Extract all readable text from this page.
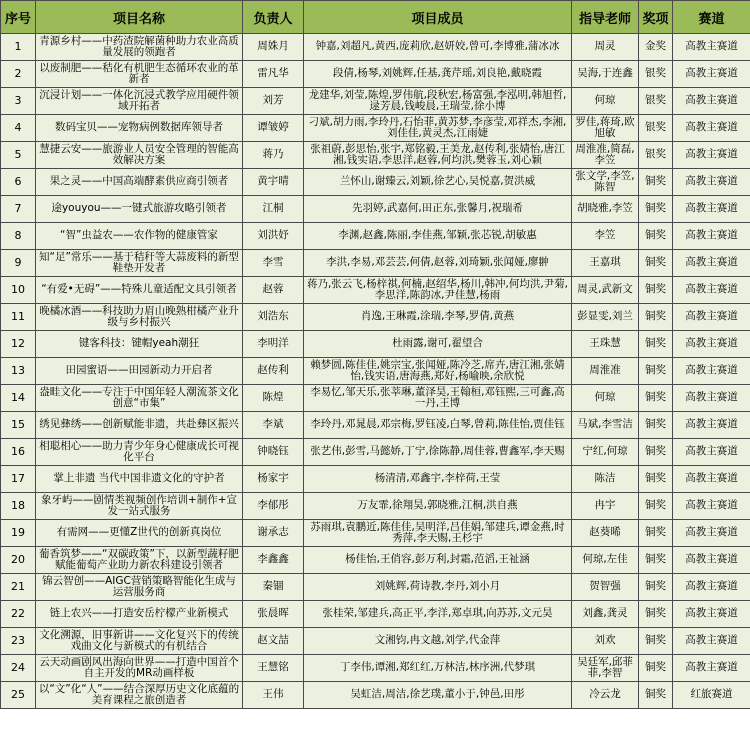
序号	项目名称	负责人	项目成员	指导老师	奖项	赛道
1	青源乡村——中药渣院解菌种助力农业高质量发展的领跑者	周姝月	钟嘉,刘超凡,黄西,庞莉欣,赵妍姣,曾可,李博雅,蒲冰冰	周灵	金奖	高教主赛道
2	以废制肥——秸化有机肥生态循环农业的革新者	雷凡华	段倩,杨琴,刘姚辉,任基,龚芹瑶,刘良艳,戴晓霞	吴海,于连鑫	银奖	高教主赛道
3	沉浸计划——一体化沉浸式教学应用硬件领域开拓者	刘芳	龙建华,刘莹,陈煌,罗伟航,段秋宏,杨富强,李泓明,韩旭哲,逯芳晨,钱峻晨,王瑞莹,徐小博	何琼	银奖	高教主赛道
4	数码宝贝——宠物病例数据库领导者	谭皱婷	刁斌,胡力雨,李玲丹,石怡菲,黄苏梦,李彦莹,邓祥杰,李湘,刘佳佳,黄灵杰,江雨婕	罗佳,蒋琦,欧旭敏	银奖	高教主赛道
5	慧捷云安——旅游业人员安全管理的智能高效解决方案	蒋乃	张祖蔚,彭思怡,张宇,郑铭毅,王美龙,赵传利,张婧怡,唐江湘,钱实语,李思洋,赵蓉,何均洪,樊蓉玉,刘心颖	周淮准,简磊,李笠	银奖	高教主赛道
6	果之灵——中国高端酵素供应商引领者	黄宇晴	兰怀山,谢臻云,刘颖,徐艺心,吴悦嘉,贺洪威	张文学,李笠,陈智	铜奖	高教主赛道
7	途youyou——一键式旅游攻略引领者	江桐	先羽婷,武嘉何,田正东,张馨月,祝瑞希	胡晓雅,李笠	铜奖	高教主赛道
8	“智”虫益农——农作物的健康管家	刘洪妤	李渊,赵鑫,陈丽,李佳燕,邹颖,张芯锐,胡敏惠	李笠	铜奖	高教主赛道
9	知“足”常乐——基于秸秆等大蒜废料的新型鞋垫开发者	李雪	李洪,李易,邓芸芸,何倩,赵蓉,刘琦颖,张闻娅,廖翀	王嘉琪	铜奖	高教主赛道
10	“有爱•无碍”——特殊儿童适配文具引领者	赵蓉	蒋乃,张云飞,杨梓祺,何楠,赵绍华,杨川,韩冲,何均洪,尹菊,李思洋,陈韵冰,尹佳慧,杨雨	周灵,武新文	铜奖	高教主赛道
11	晚橘冰酒——科技助力眉山晚熟柑橘产业升级与乡村振兴	刘浩东	肖逸,王琳霞,涂瑞,李琴,罗倩,黄燕	彭显雯,刘兰	铜奖	高教主赛道
12	键客科技：键帽yeah潮狂	李明洋	杜雨露,谢可,翟望合	王珠慧	铜奖	高教主赛道
13	田园蜜语——田园新动力开启者	赵传利	赖梦圆,陈佳佳,姚宗宝,张闻娅,陈冷芝,席卉,唐江湘,张婧怡,钱实语,唐海燕,郑好,杨喻映,余欣悦	周淮准	铜奖	高教主赛道
14	盎畦文化——专注于中国年轻人潮流茶文化创意“市集”	陈煌	李易忆,邹天乐,张莘琳,董泽昊,王翰桓,邓钰熙,三可鑫,高一丹,王博	何琼	铜奖	高教主赛道
15	绣见彝绣——创新赋能非遗，共赴彝区振兴	李斌	李玲丹,邓晁晨,邓宗梅,罗钰凌,白琴,曾莉,陈佳怡,贾佳钰	马斌,李雪洁	铜奖	高教主赛道
16	相聪相心——助力青少年身心健康成长可视化平台	钟晓钰	张艺伟,彭雪,马懿娇,丁宁,徐陈静,周佳蓉,曹鑫军,李天赐	宁红,何琼	铜奖	高教主赛道
17	掌上非遗 当代中国非遗文化的守护者	杨家宇	杨清清,邓鑫宇,李梓荷,王莹	陈洁	铜奖	高教主赛道
18	象牙屿——剧情类视频创作培训+制作+宣发一站式服务	李郁彤	万友霏,徐翔昊,郭晓雅,江桐,洪自燕	冉宇	铜奖	高教主赛道
19	有需网——更懂Z世代的创新真岗位	谢承志	苏雨琪,袁鹏近,陈佳佳,吴明洋,吕佳娟,邹建兵,谭金燕,时秀萍,李天赐,王杉宇	赵葵晞	铜奖	高教主赛道
20	葡香筑梦——“双碳政策”下，以新型蔬籽肥赋能葡萄产业助力新农科建设引领者	李鑫鑫	杨佳怡,王俏容,彭万利,封霜,范滔,王祉涵	何琼,左佳	铜奖	高教主赛道
21	锦云智创——AIGC营销策略智能化生成与运营服务商	秦锢	刘姚辉,荷诗教,李丹,刘小月	贺智强	铜奖	高教主赛道
22	链上农兴——打造安岳柠檬产业新模式	张晨晖	张桂荣,邹建兵,高正平,李洋,郑卓琪,向苏苏,文元昊	刘鑫,龚灵	铜奖	高教主赛道
23	文化溯源，旧事新讲——文化复兴下的传统戏曲文化与新模式的有机结合	赵文喆	文湘钧,冉文越,刘学,代金萍	刘欢	铜奖	高教主赛道
24	云天动画剧风出海向世界——打造中国首个自主开发的MR动画样板	王慧铭	丁李伟,谭湘,郑红红,万林洁,林序洲,代梦琪	吴廷军,邱菲菲,李智	铜奖	高教主赛道
25	以“文”化“人”——结合深厚历史文化底蕴的美育课程之旅创造者	王伟	吴虹洁,周洁,徐艺璞,董小于,钟邑,田彤	冷云龙	铜奖	红旅赛道
